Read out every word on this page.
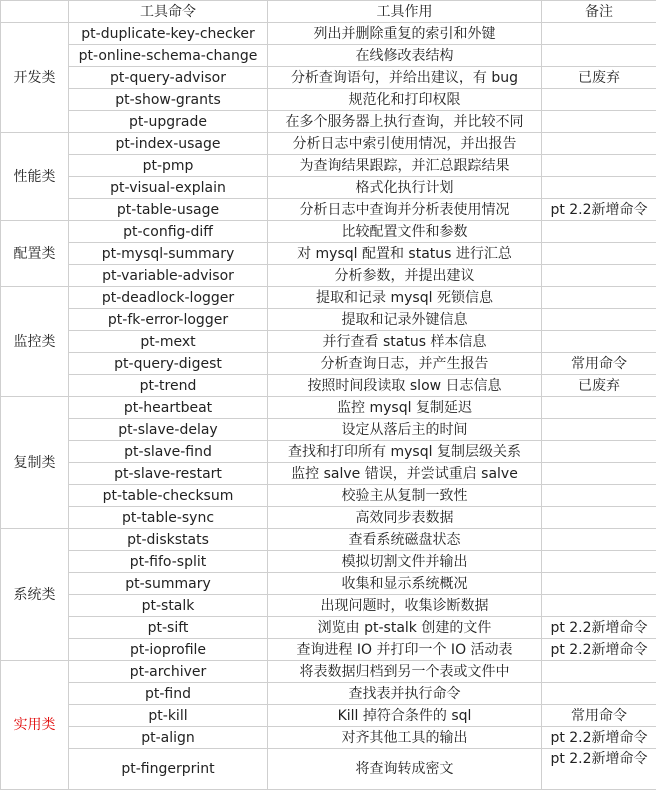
	工具命令	工具作用	备注
开发类	pt-duplicate-key-checker	列出并删除重复的索引和外键	
	pt-online-schema-change	在线修改表结构	
	pt-query-advisor	分析查询语句，并给出建议，有 bug	已废弃
	pt-show-grants	规范化和打印权限	
	pt-upgrade	在多个服务器上执行查询，并比较不同	
性能类	pt-index-usage	分析日志中索引使用情况，并出报告	
	pt-pmp	为查询结果跟踪，并汇总跟踪结果	
	pt-visual-explain	格式化执行计划	
	pt-table-usage	分析日志中查询并分析表使用情况	pt 2.2新增命令
配置类	pt-config-diff	比较配置文件和参数	
	pt-mysql-summary	对 mysql 配置和 status 进行汇总	
	pt-variable-advisor	分析参数，并提出建议	
监控类	pt-deadlock-logger	提取和记录 mysql 死锁信息	
	pt-fk-error-logger	提取和记录外键信息	
	pt-mext	并行查看 status 样本信息	
	pt-query-digest	分析查询日志，并产生报告	常用命令
	pt-trend	按照时间段读取 slow 日志信息	已废弃
复制类	pt-heartbeat	监控 mysql 复制延迟	
	pt-slave-delay	设定从落后主的时间	
	pt-slave-find	查找和打印所有 mysql 复制层级关系	
	pt-slave-restart	监控 salve 错误，并尝试重启 salve	
	pt-table-checksum	校验主从复制一致性	
	pt-table-sync	高效同步表数据	
系统类	pt-diskstats	查看系统磁盘状态	
	pt-fifo-split	模拟切割文件并输出	
	pt-summary	收集和显示系统概况	
	pt-stalk	出现问题时，收集诊断数据	
	pt-sift	浏览由 pt-stalk 创建的文件	pt 2.2新增命令
	pt-ioprofile	查询进程 IO 并打印一个 IO 活动表	pt 2.2新增命令
实用类	pt-archiver	将表数据归档到另一个表或文件中	
	pt-find	查找表并执行命令	
	pt-kill	Kill 掉符合条件的 sql	常用命令
	pt-align	对齐其他工具的输出	pt 2.2新增命令
	pt-fingerprint	将查询转成密文	pt 2.2新增命令
